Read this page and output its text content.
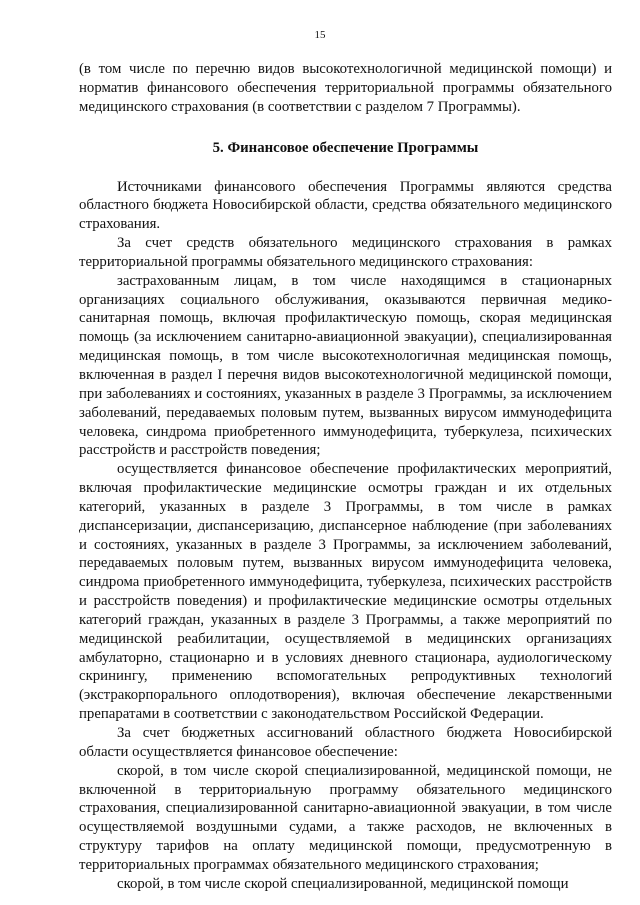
15

(в том числе по перечню видов высокотехнологичной медицинской помощи) и норматив финансового обеспечения территориальной программы обязательного медицинского страхования (в соответствии с разделом 7 Программы).

5. Финансовое обеспечение Программы

Источниками финансового обеспечения Программы являются средства областного бюджета Новосибирской области, средства обязательного медицинского страхования.

За счет средств обязательного медицинского страхования в рамках территориальной программы обязательного медицинского страхования:

застрахованным лицам, в том числе находящимся в стационарных организациях социального обслуживания, оказываются первичная медико-санитарная помощь, включая профилактическую помощь, скорая медицинская помощь (за исключением санитарно-авиационной эвакуации), специализированная медицинская помощь, в том числе высокотехнологичная медицинская помощь, включенная в раздел I перечня видов высокотехнологичной медицинской помощи, при заболеваниях и состояниях, указанных в разделе 3 Программы, за исключением заболеваний, передаваемых половым путем, вызванных вирусом иммунодефицита человека, синдрома приобретенного иммунодефицита, туберкулеза, психических расстройств и расстройств поведения;

осуществляется финансовое обеспечение профилактических мероприятий, включая профилактические медицинские осмотры граждан и их отдельных категорий, указанных в разделе 3 Программы, в том числе в рамках диспансеризации, диспансеризацию, диспансерное наблюдение (при заболеваниях и состояниях, указанных в разделе 3 Программы, за исключением заболеваний, передаваемых половым путем, вызванных вирусом иммунодефицита человека, синдрома приобретенного иммунодефицита, туберкулеза, психических расстройств и расстройств поведения) и профилактические медицинские осмотры отдельных категорий граждан, указанных в разделе 3 Программы, а также мероприятий по медицинской реабилитации, осуществляемой в медицинских организациях амбулаторно, стационарно и в условиях дневного стационара, аудиологическому скринингу, применению вспомогательных репродуктивных технологий (экстракорпорального оплодотворения), включая обеспечение лекарственными препаратами в соответствии с законодательством Российской Федерации.

За счет бюджетных ассигнований областного бюджета Новосибирской области осуществляется финансовое обеспечение:

скорой, в том числе скорой специализированной, медицинской помощи, не включенной в территориальную программу обязательного медицинского страхования, специализированной санитарно-авиационной эвакуации, в том числе осуществляемой воздушными судами, а также расходов, не включенных в структуру тарифов на оплату медицинской помощи, предусмотренную в территориальных программах обязательного медицинского страхования;

скорой, в том числе скорой специализированной, медицинской помощи
